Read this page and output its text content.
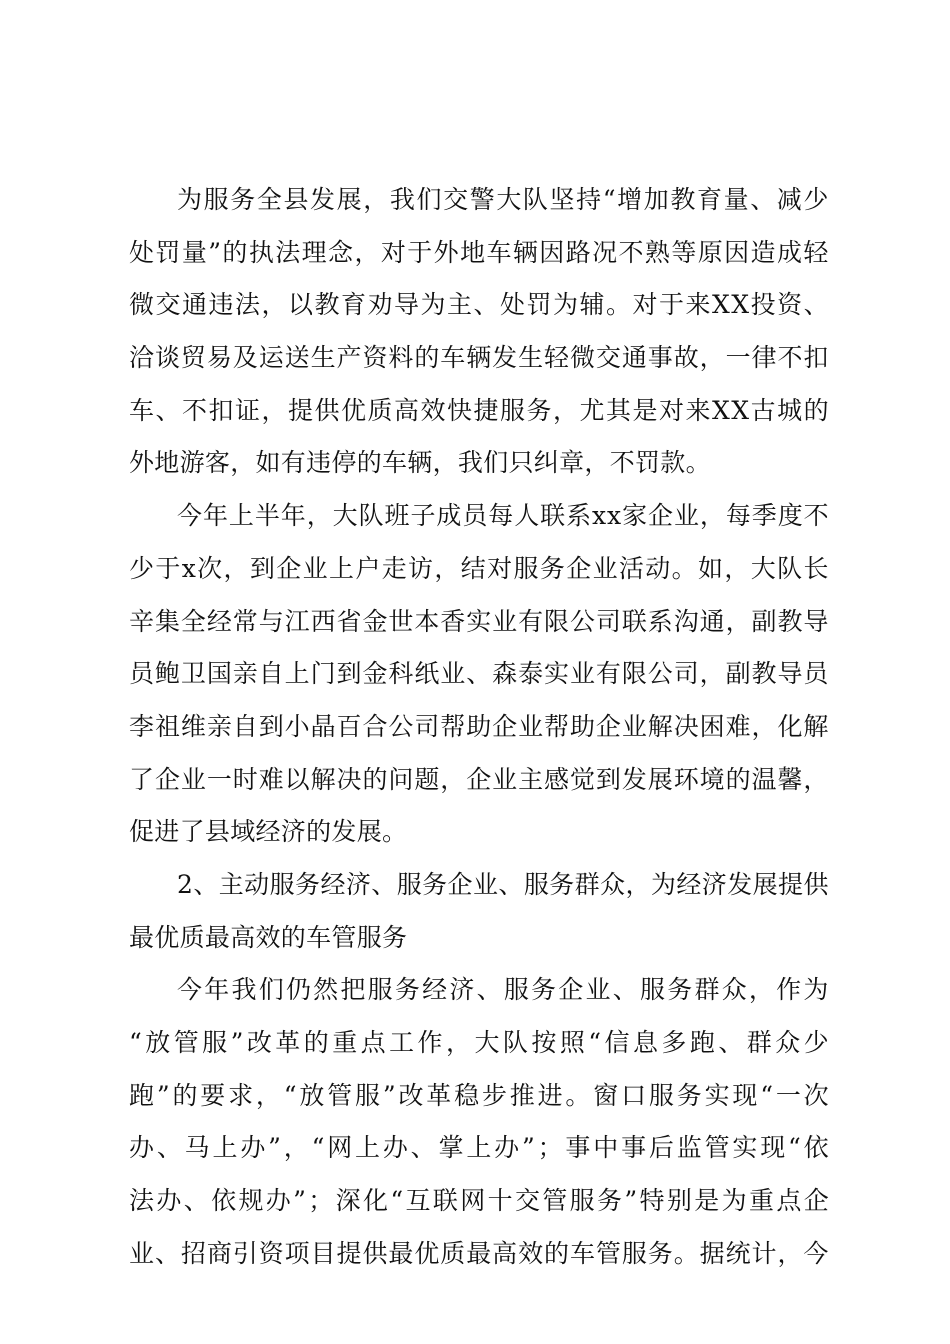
为 服 务 全 县 发 展 ， 我 们 交 警 大 队 坚 持 “ 增 加 教 育 量 、 减 少
处 罚 量 ” 的 执 法 理 念 ， 对 于 外 地 车 辆 因 路 况 不 熟 等 原 因 造 成 轻
微 交 通 违 法 ， 以 教 育 劝 导 为 主 、 处 罚 为 辅 。 对 于 来 X X 投 资 、
洽 谈 贸 易 及 运 送 生 产 资 料 的 车 辆 发 生 轻 微 交 通 事 故 ， 一 律 不 扣
车 、 不 扣 证 ， 提 供 优 质 高 效 快 捷 服 务 ， 尤 其 是 对 来 X X 古 城 的
外地游客，如有违停的车辆，我们只纠章，不罚款。
今 年 上 半 年 ， 大 队 班 子 成 员 每 人 联 系 x x 家 企 业 ， 每 季 度 不
少 于 x 次 ， 到 企 业 上 户 走 访 ， 结 对 服 务 企 业 活 动 。 如 ， 大 队 长
辛 集 全 经 常 与 江 西 省 金 世 本 香 实 业 有 限 公 司 联 系 沟 通 ， 副 教 导
员 鲍 卫 国 亲 自 上 门 到 金 科 纸 业 、 森 泰 实 业 有 限 公 司 ， 副 教 导 员
李 祖 维 亲 自 到 小 晶 百 合 公 司 帮 助 企 业 帮 助 企 业 解 决 困 难 ， 化 解
了 企 业 一 时 难 以 解 决 的 问 题 ， 企 业 主 感 觉 到 发 展 环 境 的 温 馨 ，
促进了县域经济的发展。
2 、 主 动 服 务 经 济 、 服 务 企 业 、 服 务 群 众 ， 为 经 济 发 展 提 供
最优质最高效的车管服务
今 年 我 们 仍 然 把 服 务 经 济 、 服 务 企 业 、 服 务 群 众 ， 作 为
“ 放 管 服 ” 改 革 的 重 点 工 作 ， 大 队 按 照 “ 信 息 多 跑 、 群 众 少
跑 ” 的 要 求 ， “ 放 管 服 ” 改 革 稳 步 推 进 。 窗 口 服 务 实 现 “ 一 次
办 、 马 上 办 ” ， “ 网 上 办 、 掌 上 办 ” ； 事 中 事 后 监 管 实 现 “ 依
法 办 、 依 规 办 ” ； 深 化 “ 互 联 网 十 交 管 服 务 ” 特 别 是 为 重 点 企
业 、 招 商 引 资 项 目 提 供 最 优 质 最 高 效 的 车 管 服 务 。 据 统 计 ， 今
